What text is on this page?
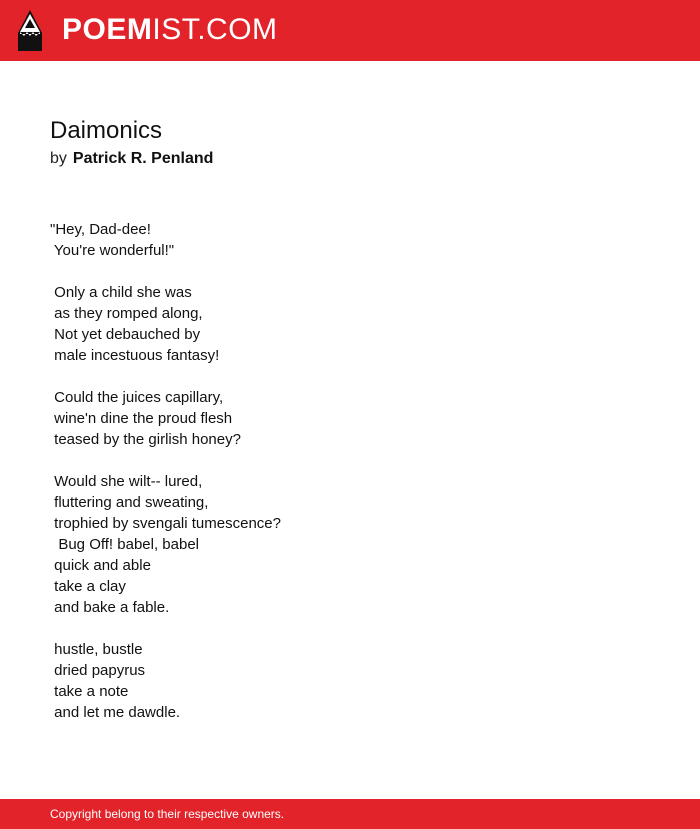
POEMIST.COM
Daimonics
by Patrick R. Penland
"Hey, Dad-dee!
You're wonderful!"

Only a child she was
as they romped along,
Not yet debauched by
male incestuous fantasy!

Could the juices capillary,
wine'n dine the proud flesh
teased by the girlish honey?

Would she wilt-- lured,
fluttering and sweating,
trophied by svengali tumescence?
Bug Off! babel, babel
quick and able
take a clay
and bake a fable.

hustle, bustle
dried papyrus
take a note
and let me dawdle.
Copyright belong to their respective owners.
